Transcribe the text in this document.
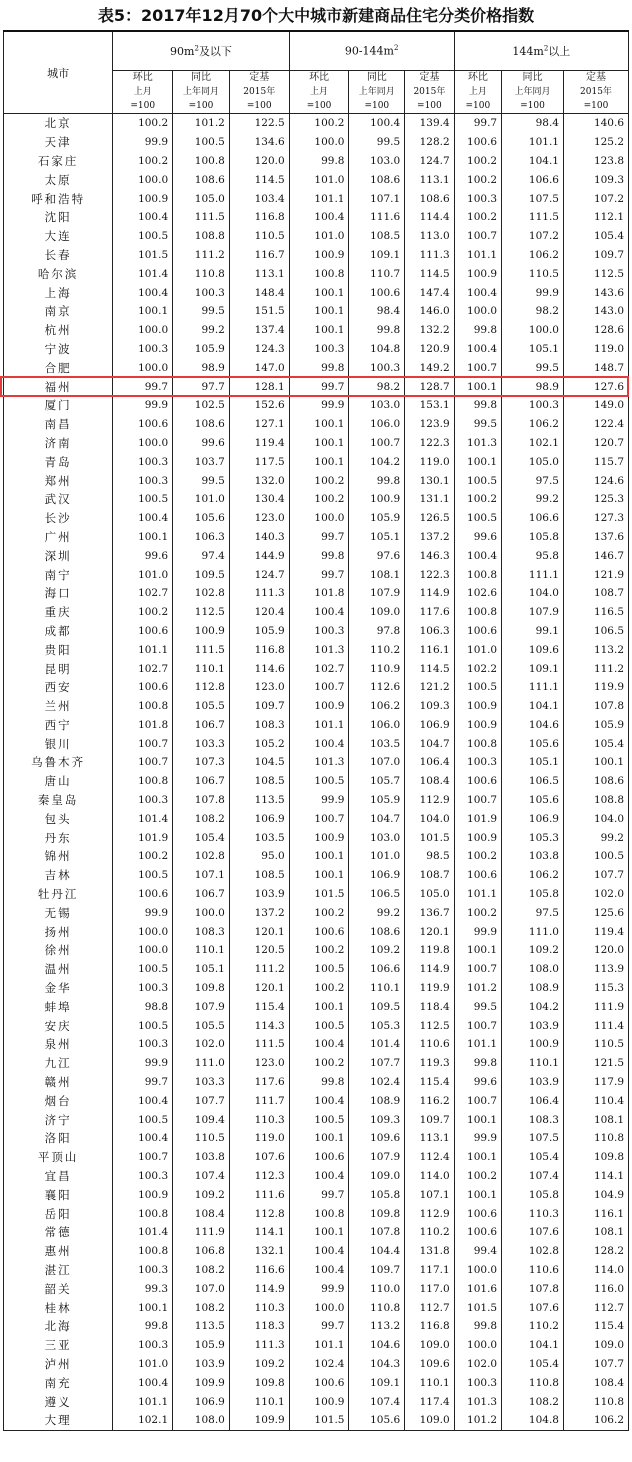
表5：2017年12月70个大中城市新建商品住宅分类价格指数
城市	$90m^2$及以下			$90-144m^2$			$144m^2$以上		
	环比	同比	定基	环比	同比	定基	环比	同比	定基
	上月	上年同月	2015年	上月	上年同月	2015年	上月	上年同月	2015年
	=100	=100	=100	=100	=100	=100	=100	=100	=100
北京	100.2	101.2	122.5	100.2	100.4	139.4	99.7	98.4	140.6
天津	99.9	100.5	134.6	100.0	99.5	128.2	100.6	101.1	125.2
石家庄	100.2	100.8	120.0	99.8	103.0	124.7	100.2	104.1	123.8
太原	100.0	108.6	114.5	101.0	108.6	113.1	100.2	106.6	109.3
呼和浩特	100.9	105.0	103.4	101.1	107.1	108.6	100.3	107.5	107.2
沈阳	100.4	111.5	116.8	100.4	111.6	114.4	100.2	111.5	112.1
大连	100.5	108.8	110.5	101.0	108.5	113.0	100.7	107.2	105.4
长春	101.5	111.2	116.7	100.9	109.1	111.3	101.1	106.2	109.7
哈尔滨	101.4	110.8	113.1	100.8	110.7	114.5	100.9	110.5	112.5
上海	100.4	100.3	148.4	100.1	100.6	147.4	100.4	99.9	143.6
南京	100.1	99.5	151.5	100.1	98.4	146.0	100.0	98.2	143.0
杭州	100.0	99.2	137.4	100.1	99.8	132.2	99.8	100.0	128.6
宁波	100.3	105.9	124.3	100.3	104.8	120.9	100.4	105.1	119.0
合肥	100.0	98.9	147.0	99.8	100.3	149.2	100.7	99.5	148.7
福州	99.7	97.7	128.1	99.7	98.2	128.7	100.1	98.9	127.6
厦门	99.9	102.5	152.6	99.9	103.0	153.1	99.8	100.3	149.0
南昌	100.6	108.6	127.1	100.1	106.0	123.9	99.5	106.2	122.4
济南	100.0	99.6	119.4	100.1	100.7	122.3	101.3	102.1	120.7
青岛	100.3	103.7	117.5	100.1	104.2	119.0	100.1	105.0	115.7
郑州	100.3	99.5	132.0	100.2	99.8	130.1	100.5	97.5	124.6
武汉	100.5	101.0	130.4	100.2	100.9	131.1	100.2	99.2	125.3
长沙	100.4	105.6	123.0	100.0	105.9	126.5	100.5	106.6	127.3
广州	100.1	106.3	140.3	99.7	105.1	137.2	99.6	105.8	137.6
深圳	99.6	97.4	144.9	99.8	97.6	146.3	100.4	95.8	146.7
南宁	101.0	109.5	124.7	99.7	108.1	122.3	100.8	111.1	121.9
海口	102.7	102.8	111.3	101.8	107.9	114.9	102.6	104.0	108.7
重庆	100.2	112.5	120.4	100.4	109.0	117.6	100.8	107.9	116.5
成都	100.6	100.9	105.9	100.3	97.8	106.3	100.6	99.1	106.5
贵阳	101.1	111.5	116.8	101.3	110.2	116.1	101.0	109.6	113.2
昆明	102.7	110.1	114.6	102.7	110.9	114.5	102.2	109.1	111.2
西安	100.6	112.8	123.0	100.7	112.6	121.2	100.5	111.1	119.9
兰州	100.8	105.5	109.7	100.9	106.2	109.3	100.9	104.1	107.8
西宁	101.8	106.7	108.3	101.1	106.0	106.9	100.9	104.6	105.9
银川	100.7	103.3	105.2	100.4	103.5	104.7	100.8	105.6	105.4
乌鲁木齐	100.7	107.3	104.5	101.3	107.0	106.4	100.3	105.1	100.1
唐山	100.8	106.7	108.5	100.5	105.7	108.4	100.6	106.5	108.6
秦皇岛	100.3	107.8	113.5	99.9	105.9	112.9	100.7	105.6	108.8
包头	101.4	108.2	106.9	100.7	104.7	104.0	101.9	106.9	104.0
丹东	101.9	105.4	103.5	100.9	103.0	101.5	100.9	105.3	99.2
锦州	100.2	102.8	95.0	100.1	101.0	98.5	100.2	103.8	100.5
吉林	100.5	107.1	108.5	100.1	106.9	108.7	100.6	106.2	107.7
牡丹江	100.6	106.7	103.9	101.5	106.5	105.0	101.1	105.8	102.0
无锡	99.9	100.0	137.2	100.2	99.2	136.7	100.2	97.5	125.6
扬州	100.0	108.3	120.1	100.6	108.6	120.1	99.9	111.0	119.4
徐州	100.0	110.1	120.5	100.2	109.2	119.8	100.1	109.2	120.0
温州	100.5	105.1	111.2	100.5	106.6	114.9	100.7	108.0	113.9
金华	100.3	109.8	120.1	100.2	110.1	119.9	101.2	108.9	115.3
蚌埠	98.8	107.9	115.4	100.1	109.5	118.4	99.5	104.2	111.9
安庆	100.5	105.5	114.3	100.5	105.3	112.5	100.7	103.9	111.4
泉州	100.3	102.0	111.5	100.4	101.4	110.6	101.1	100.9	110.5
九江	99.9	111.0	123.0	100.2	107.7	119.3	99.8	110.1	121.5
赣州	99.7	103.3	117.6	99.8	102.4	115.4	99.6	103.9	117.9
烟台	100.4	107.7	111.7	100.4	108.9	116.2	100.7	106.4	110.4
济宁	100.5	109.4	110.3	100.5	109.3	109.7	100.1	108.3	108.1
洛阳	100.4	110.5	119.0	100.1	109.6	113.1	99.9	107.5	110.8
平顶山	100.7	103.8	107.6	100.6	107.9	112.4	100.1	105.4	109.8
宜昌	100.3	107.4	112.3	100.4	109.0	114.0	100.2	107.4	114.1
襄阳	100.9	109.2	111.6	99.7	105.8	107.1	100.1	105.8	104.9
岳阳	100.8	108.4	112.8	100.8	109.8	112.9	100.6	110.3	116.1
常德	101.4	111.9	114.1	100.1	107.8	110.2	100.6	107.6	108.1
惠州	100.8	106.8	132.1	100.4	104.4	131.8	99.4	102.8	128.2
湛江	100.3	108.2	116.6	100.4	109.7	117.1	100.0	110.6	114.0
韶关	99.3	107.0	114.9	99.9	110.0	117.0	101.6	107.8	116.0
桂林	100.1	108.2	110.3	100.0	110.8	112.7	101.5	107.6	112.7
北海	99.8	113.5	118.3	99.7	113.2	116.8	99.8	110.2	115.4
三亚	100.3	105.9	111.3	101.1	104.6	109.0	100.0	104.1	109.0
泸州	101.0	103.9	109.2	102.4	104.3	109.6	102.0	105.4	107.7
南充	100.4	109.9	109.8	100.6	109.1	110.1	100.3	110.8	108.4
遵义	101.1	106.9	110.1	100.9	107.4	117.4	101.3	108.2	110.8
大理	102.1	108.0	109.9	101.5	105.6	109.0	101.2	104.8	106.2
